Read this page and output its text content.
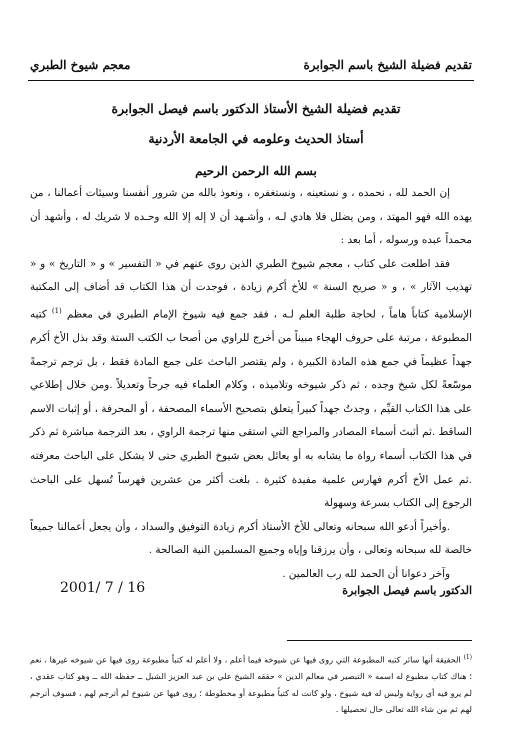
تقديم فضيلة الشيخ باسم الجوابرة
معجم شيوخ الطبري
تقديم فضيلة الشيخ الأستاذ الدكتور باسم فيصل الجوابرة
أستاذ الحديث وعلومه في الجامعة الأردنية
بسم الله الرحمن الرحيم

إن الحمد لله ، نحمده ، و نستعينه ، ونستغفره ، ونعوذ بالله من شرور أنفسنا وسيئات أعمالنا ، من يهده الله فهو المهتد ، ومن يضلل فلا هادي لـه ، وأشـهد أن لا إله إلا الله وحـده لا شريك له ، وأشهد أن محمداً عبده ورسوله ، أما بعد :

فقد اطلعت على كتاب ، معجم شيوخ الطبري الذين روى عنهم في « التفسير » و « التاريخ » و « تهذيب الآثار » ، و « صريح السنة » للأخ أكرم زيادة ، فوجدت أن هذا الكتاب قد أضاف إلى المكتبة الإسلامية كتاباً هاماً ، لحاجة طلبة العلم لـه ، فقد جمع فيه شيوخ الإمام الطبري في معظم $^{(1)}$ كتبه المطبوعة ، مرتبة على حروف الهجاء مبيناً من أخرج للراوي من أصحا ب الكتب الستة وقد بذل الأخ أكرم جهداً عظيماً في جمع هذه المادة الكبيرة ، ولم يقتصر الباحث على جمع المادة فقط ، بل ترجم ترجمةً موسّعةً لكل شيخ وجده ، ثم ذكر شيوخه وتلاميذه ، وكلام العلماء فيه جرحاً وتعديلاً .ومن خلال إطلاعي على هذا الكتاب القيِّم ، وجدتُ جهداً كبيراً يتعلق بتصحيح الأسماء المصحفة ، أو المحرفة ، أو إثبات الاسم الساقط .ثم أثبتَ أسماء المصادر والمراجع التي استقى منها ترجمة الراوي ، بعد الترجمة مباشرة ثم ذكر في هذا الكتاب أسماء رواة ما يشابه به أو يعائل بعض شيوخ الطبري حتى لا يشكل على الباحث معرفته .ثم عمل الأخ أكرم فهارس علمية مفيدة كثيرة . بلغت أكثر من عشرين فهرساً تُسهل على الباحث الرجوع إلى الكتاب بسرعة وسهولة

.وأخيراً أدعو الله سبحانه وتعالى للأخ الأستاذ أكرم زيادة التوفيق والسداد ، وأن يجعل أعمالنا جميعاً خالصة لله سبحانه وتعالى ، وأن يرزقنا وإياه وجميع المسلمين النية الصالحة .

وآخر دعوانا أن الحمد لله رب العالمين .

الدكتور باسم فيصل الجوابرة
2001/ 7 / 16
$^{(1)}$ الحقيقة أنها سائر كتبه المطبوعة التي روى فيها عن شيوخه فيما أعلم ، ولا أعلم له كتباً مطبوعة روى فيها عن شيوخه غيرها ، نعم ؛ هناك كتاب مطبوع له اسمه « التبصير في معالم الدين » حققه الشيخ علي بن عبد العزيز الشبل ــ حفظه الله ــ وهو كتاب عقدي ، لم يرو فيه أي رواية وليس له فيه شيوخ ، ولو كانت له كتباً مطبوعة أو مخطوطة ؛ روى فيها عن شيوخ لم أترجم لهم ، فسوف أترجم لهم ثم من شاء الله تعالى حال تحصيلها .
